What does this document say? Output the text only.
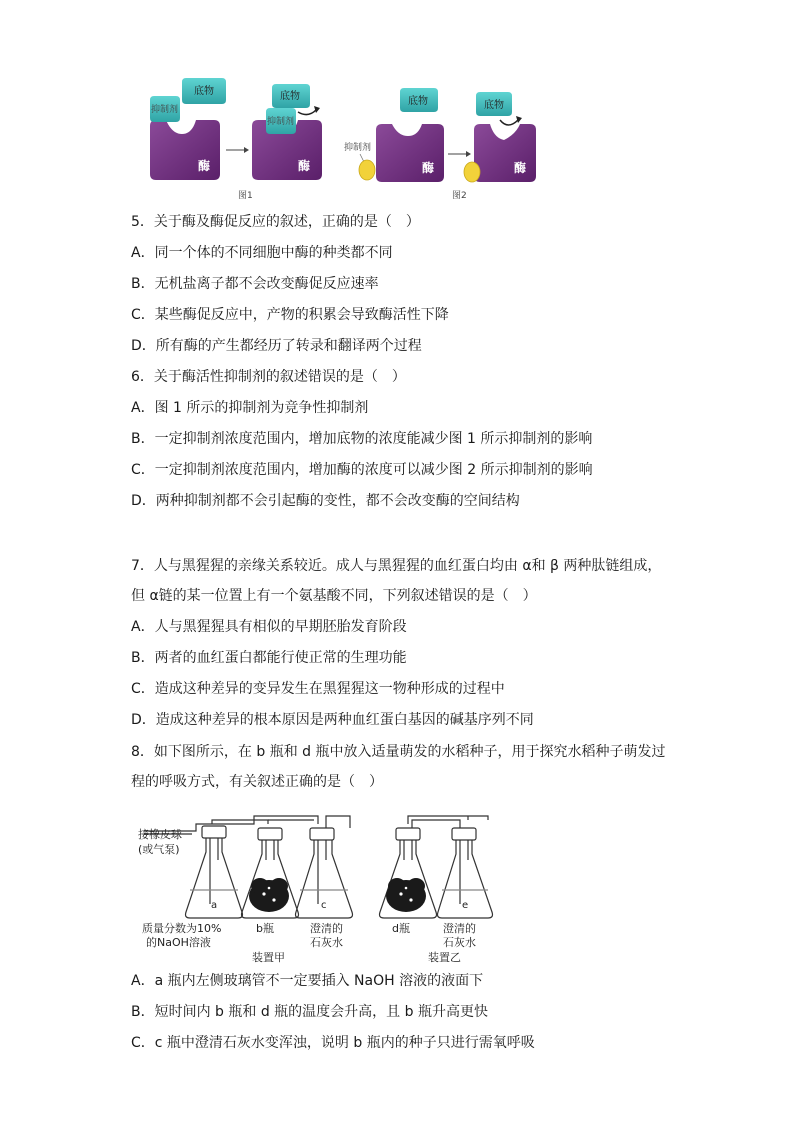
酶
底物
抑制剂
酶
抑制剂
底物
图1
抑制剂
酶
底物
酶
底物
图2
5．关于酶及酶促反应的叙述，正确的是（　）
A．同一个体的不同细胞中酶的种类都不同
B．无机盐离子都不会改变酶促反应速率
C．某些酶促反应中，产物的积累会导致酶活性下降
D．所有酶的产生都经历了转录和翻译两个过程
6．关于酶活性抑制剂的叙述错误的是（　）
A．图 1 所示的抑制剂为竞争性抑制剂
B．一定抑制剂浓度范围内，增加底物的浓度能减少图 1 所示抑制剂的影响
C．一定抑制剂浓度范围内，增加酶的浓度可以减少图 2 所示抑制剂的影响
D．两种抑制剂都不会引起酶的变性，都不会改变酶的空间结构
7．人与黑猩猩的亲缘关系较近。成人与黑猩猩的血红蛋白均由 α和 β 两种肽链组成，
但 α链的某一位置上有一个氨基酸不同，下列叙述错误的是（　）
A．人与黑猩猩具有相似的早期胚胎发育阶段
B．两者的血红蛋白都能行使正常的生理功能
C．造成这种差异的变异发生在黑猩猩这一物种形成的过程中
D．造成这种差异的根本原因是两种血红蛋白基因的碱基序列不同
8．如下图所示，在 b 瓶和 d 瓶中放入适量萌发的水稻种子，用于探究水稻种子萌发过
程的呼吸方式，有关叙述正确的是（　）
接橡皮球
(或气泵)
a	c	e
质量分数为10%
的NaOH溶液
b瓶	澄清的
石灰水
d瓶	澄清的
石灰水
装置甲	装置乙
A．a 瓶内左侧玻璃管不一定要插入 NaOH 溶液的液面下
B．短时间内 b 瓶和 d 瓶的温度会升高，且 b 瓶升高更快
C．c 瓶中澄清石灰水变浑浊，说明 b 瓶内的种子只进行需氧呼吸
